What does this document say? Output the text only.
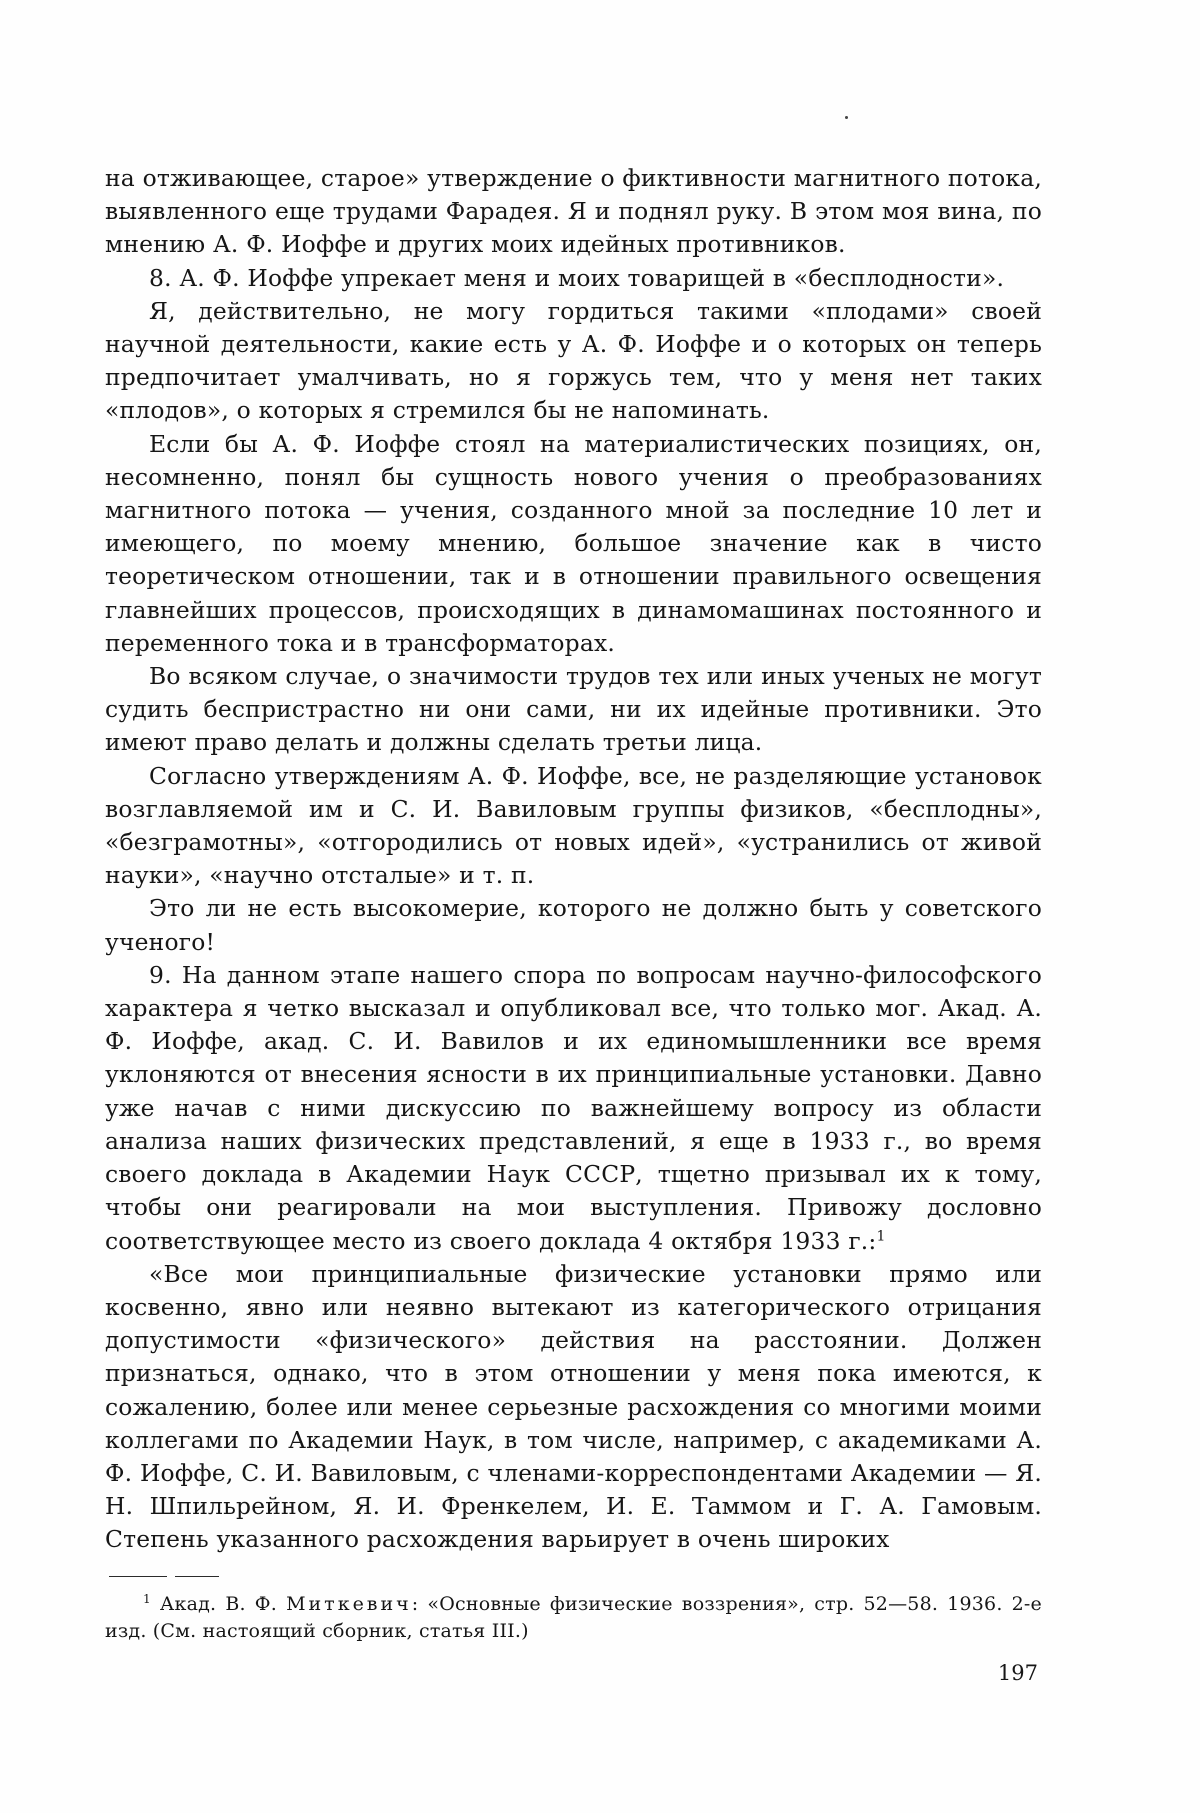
на отживающее, старое» утверждение о фиктивности магнитного потока, выявленного еще трудами Фарадея. Я и поднял руку. В этом моя вина, по мнению А. Ф. Иоффе и других моих идейных противников.

8. А. Ф. Иоффе упрекает меня и моих товарищей в «бесплодности».

Я, действительно, не могу гордиться такими «плодами» своей научной деятельности, какие есть у А. Ф. Иоффе и о которых он теперь предпочитает умалчивать, но я горжусь тем, что у меня нет таких «плодов», о которых я стремился бы не напоминать.

Если бы А. Ф. Иоффе стоял на материалистических позициях, он, несомненно, понял бы сущность нового учения о преобразованиях магнитного потока — учения, созданного мной за последние 10 лет и имеющего, по моему мнению, большое значение как в чисто теоретическом отношении, так и в отношении правильного освещения главнейших процессов, происходящих в динамомашинах постоянного и переменного тока и в трансформаторах.

Во всяком случае, о значимости трудов тех или иных ученых не могут судить беспристрастно ни они сами, ни их идейные противники. Это имеют право делать и должны сделать третьи лица.

Согласно утверждениям А. Ф. Иоффе, все, не разделяющие установок возглавляемой им и С. И. Вавиловым группы физиков, «бесплодны», «безграмотны», «отгородились от новых идей», «устранились от живой науки», «научно отсталые» и т. п.

Это ли не есть высокомерие, которого не должно быть у советского ученого!

9. На данном этапе нашего спора по вопросам научно-философского характера я четко высказал и опубликовал все, что только мог. Акад. А. Ф. Иоффе, акад. С. И. Вавилов и их единомышленники все время уклоняются от внесения ясности в их принципиальные установки. Давно уже начав с ними дискуссию по важнейшему вопросу из области анализа наших физических представлений, я еще в 1933 г., во время своего доклада в Академии Наук СССР, тщетно призывал их к тому, чтобы они реагировали на мои выступления. Привожу дословно соответствующее место из своего доклада 4 октября 1933 г.:$^1$

«Все мои принципиальные физические установки прямо или косвенно, явно или неявно вытекают из категорического отрицания допустимости «физического» действия на расстоянии. Должен признаться, однако, что в этом отношении у меня пока имеются, к сожалению, более или менее серьезные расхождения со многими моими коллегами по Академии Наук, в том числе, например, с академиками А. Ф. Иоффе, С. И. Вавиловым, с членами-корреспондентами Академии — Я. Н. Шпильрейном, Я. И. Френкелем, И. Е. Таммом и Г. А. Гамовым. Степень указанного расхождения варьирует в очень широких

$^1$ Акад. В. Ф. Миткевич: «Основные физические воззрения», стр. 52—58. 1936. 2-е изд. (См. настоящий сборник, статья III.)

197
